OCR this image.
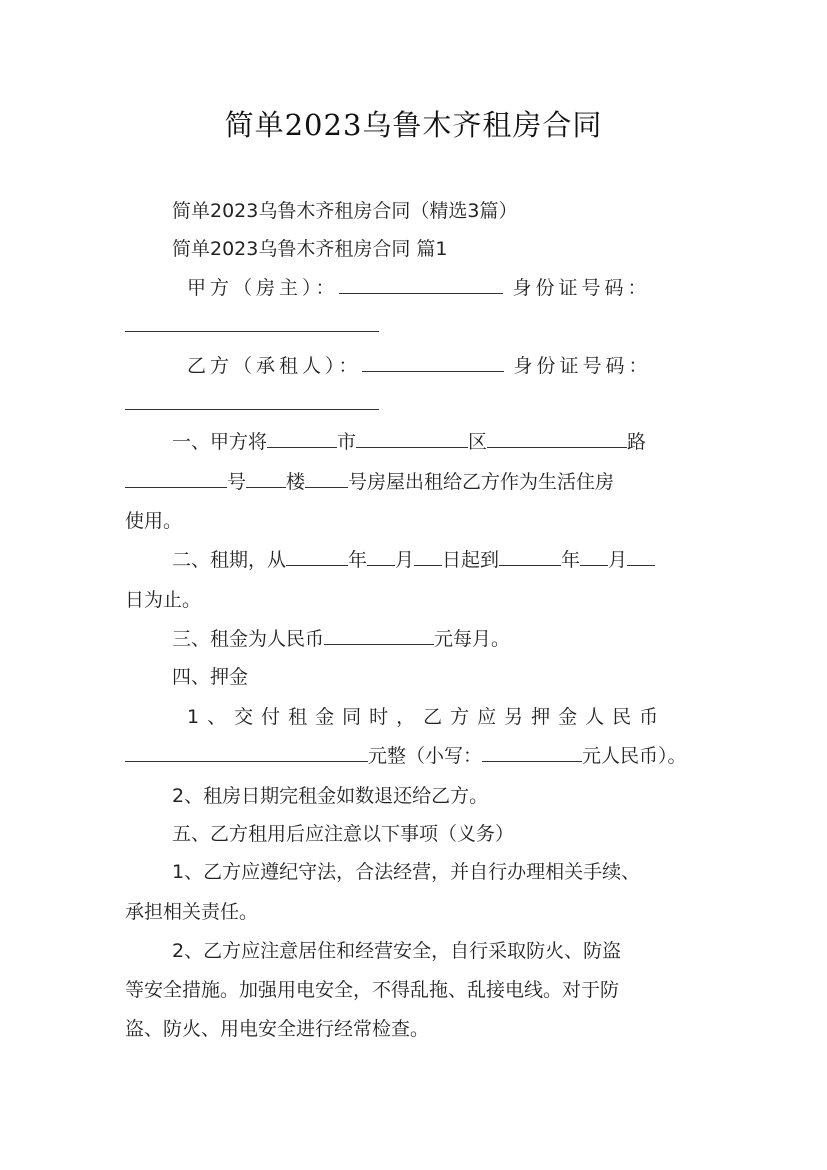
简单2023乌鲁木齐租房合同
简单2023乌鲁木齐租房合同（精选3篇）
简单2023乌鲁木齐租房合同 篇1
甲方（房主）：	身份证号码：
乙方（承租人）：	身份证号码：
一、甲方将	市	区	路
号 楼 号房屋出租给乙方作为生活住房
使用。
二、租期，从	年 月 日起到	年 月
日为止。
三、租金为人民币	元每月。
四、押金
1、交付租金同时，乙方应另押金人民币
元整（小写：	元人民币）。
2、租房日期完租金如数退还给乙方。
五、乙方租用后应注意以下事项（义务）
1、乙方应遵纪守法，合法经营，并自行办理相关手续、
承担相关责任。
2、乙方应注意居住和经营安全，自行采取防火、防盗
等安全措施。加强用电安全，不得乱拖、乱接电线。对于防
盗、防火、用电安全进行经常检查。
